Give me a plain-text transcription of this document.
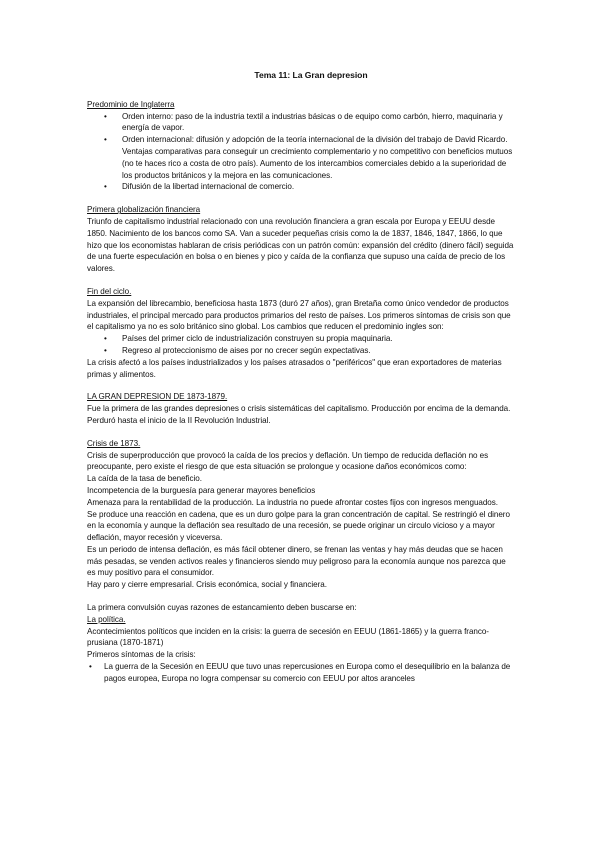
Tema 11: La Gran depresion

Predominio de Inglaterra

• Orden interno: paso de la industria textil a industrias básicas o de equipo como carbón, hierro, maquinaria y energía de vapor.
• Orden internacional: difusión y adopción de la teoría internacional de la división del trabajo de David Ricardo. Ventajas comparativas para conseguir un crecimiento complementario y no competitivo con beneficios mutuos (no te haces rico a costa de otro país). Aumento de los intercambios comerciales debido a la superioridad de los productos británicos y la mejora en las comunicaciones.
• Difusión de la libertad internacional de comercio.

Primera globalización financiera

Triunfo de capitalismo industrial relacionado con una revolución financiera a gran escala por Europa y EEUU desde 1850. Nacimiento de los bancos como SA. Van a suceder pequeñas crisis como la de 1837, 1846, 1847, 1866, lo que hizo que los economistas hablaran de crisis periódicas con un patrón común: expansión del crédito (dinero fácil) seguida de una fuerte especulación en bolsa o en bienes y pico y caída de la confianza que supuso una caída de precio de los valores.

Fin del ciclo.

La expansión del librecambio, beneficiosa hasta 1873 (duró 27 años), gran Bretaña como único vendedor de productos industriales, el principal mercado para productos primarios del resto de países. Los primeros síntomas de crisis son que el capitalismo ya no es solo británico sino global. Los cambios que reducen el predominio ingles son:

• Países del primer ciclo de industrialización construyen su propia maquinaria.
• Regreso al proteccionismo de aises por no crecer según expectativas.

La crisis afectó a los países industrializados y los países atrasados o "periféricos" que eran exportadores de materias primas y alimentos.

LA GRAN DEPRESION DE 1873-1879.

Fue la primera de las grandes depresiones o crisis sistemáticas del capitalismo. Producción por encima de la demanda. Perduró hasta el inicio de la II Revolución Industrial.

Crisis de 1873.

Crisis de superproducción que provocó la caída de los precios y deflación. Un tiempo de reducida deflación no es preocupante, pero existe el riesgo de que esta situación se prolongue y ocasione daños económicos como:

La caída de la tasa de beneficio.

Incompetencia de la burguesía para generar mayores beneficios

Amenaza para la rentabilidad de la producción. La industria no puede afrontar costes fijos con ingresos menguados.

Se produce una reacción en cadena, que es un duro golpe para la gran concentración de capital. Se restringió el dinero en la economía y aunque la deflación sea resultado de una recesión, se puede originar un circulo vicioso y a mayor deflación, mayor recesión y viceversa.

Es un periodo de intensa deflación, es más fácil obtener dinero, se frenan las ventas y hay más deudas que se hacen más pesadas, se venden activos reales y financieros siendo muy peligroso para la economía aunque nos parezca que es muy positivo para el consumidor.

Hay paro y cierre empresarial. Crisis económica, social y financiera.

La primera convulsión cuyas razones de estancamiento deben buscarse en:

La política.

Acontecimientos políticos que inciden en la crisis: la guerra de secesión en EEUU (1861-1865) y la guerra franco-prusiana (1870-1871)

Primeros síntomas de la crisis:

• La guerra de la Secesión en EEUU que tuvo unas repercusiones en Europa como el desequilibrio en la balanza de pagos europea, Europa no logra compensar su comercio con EEUU por altos aranceles
